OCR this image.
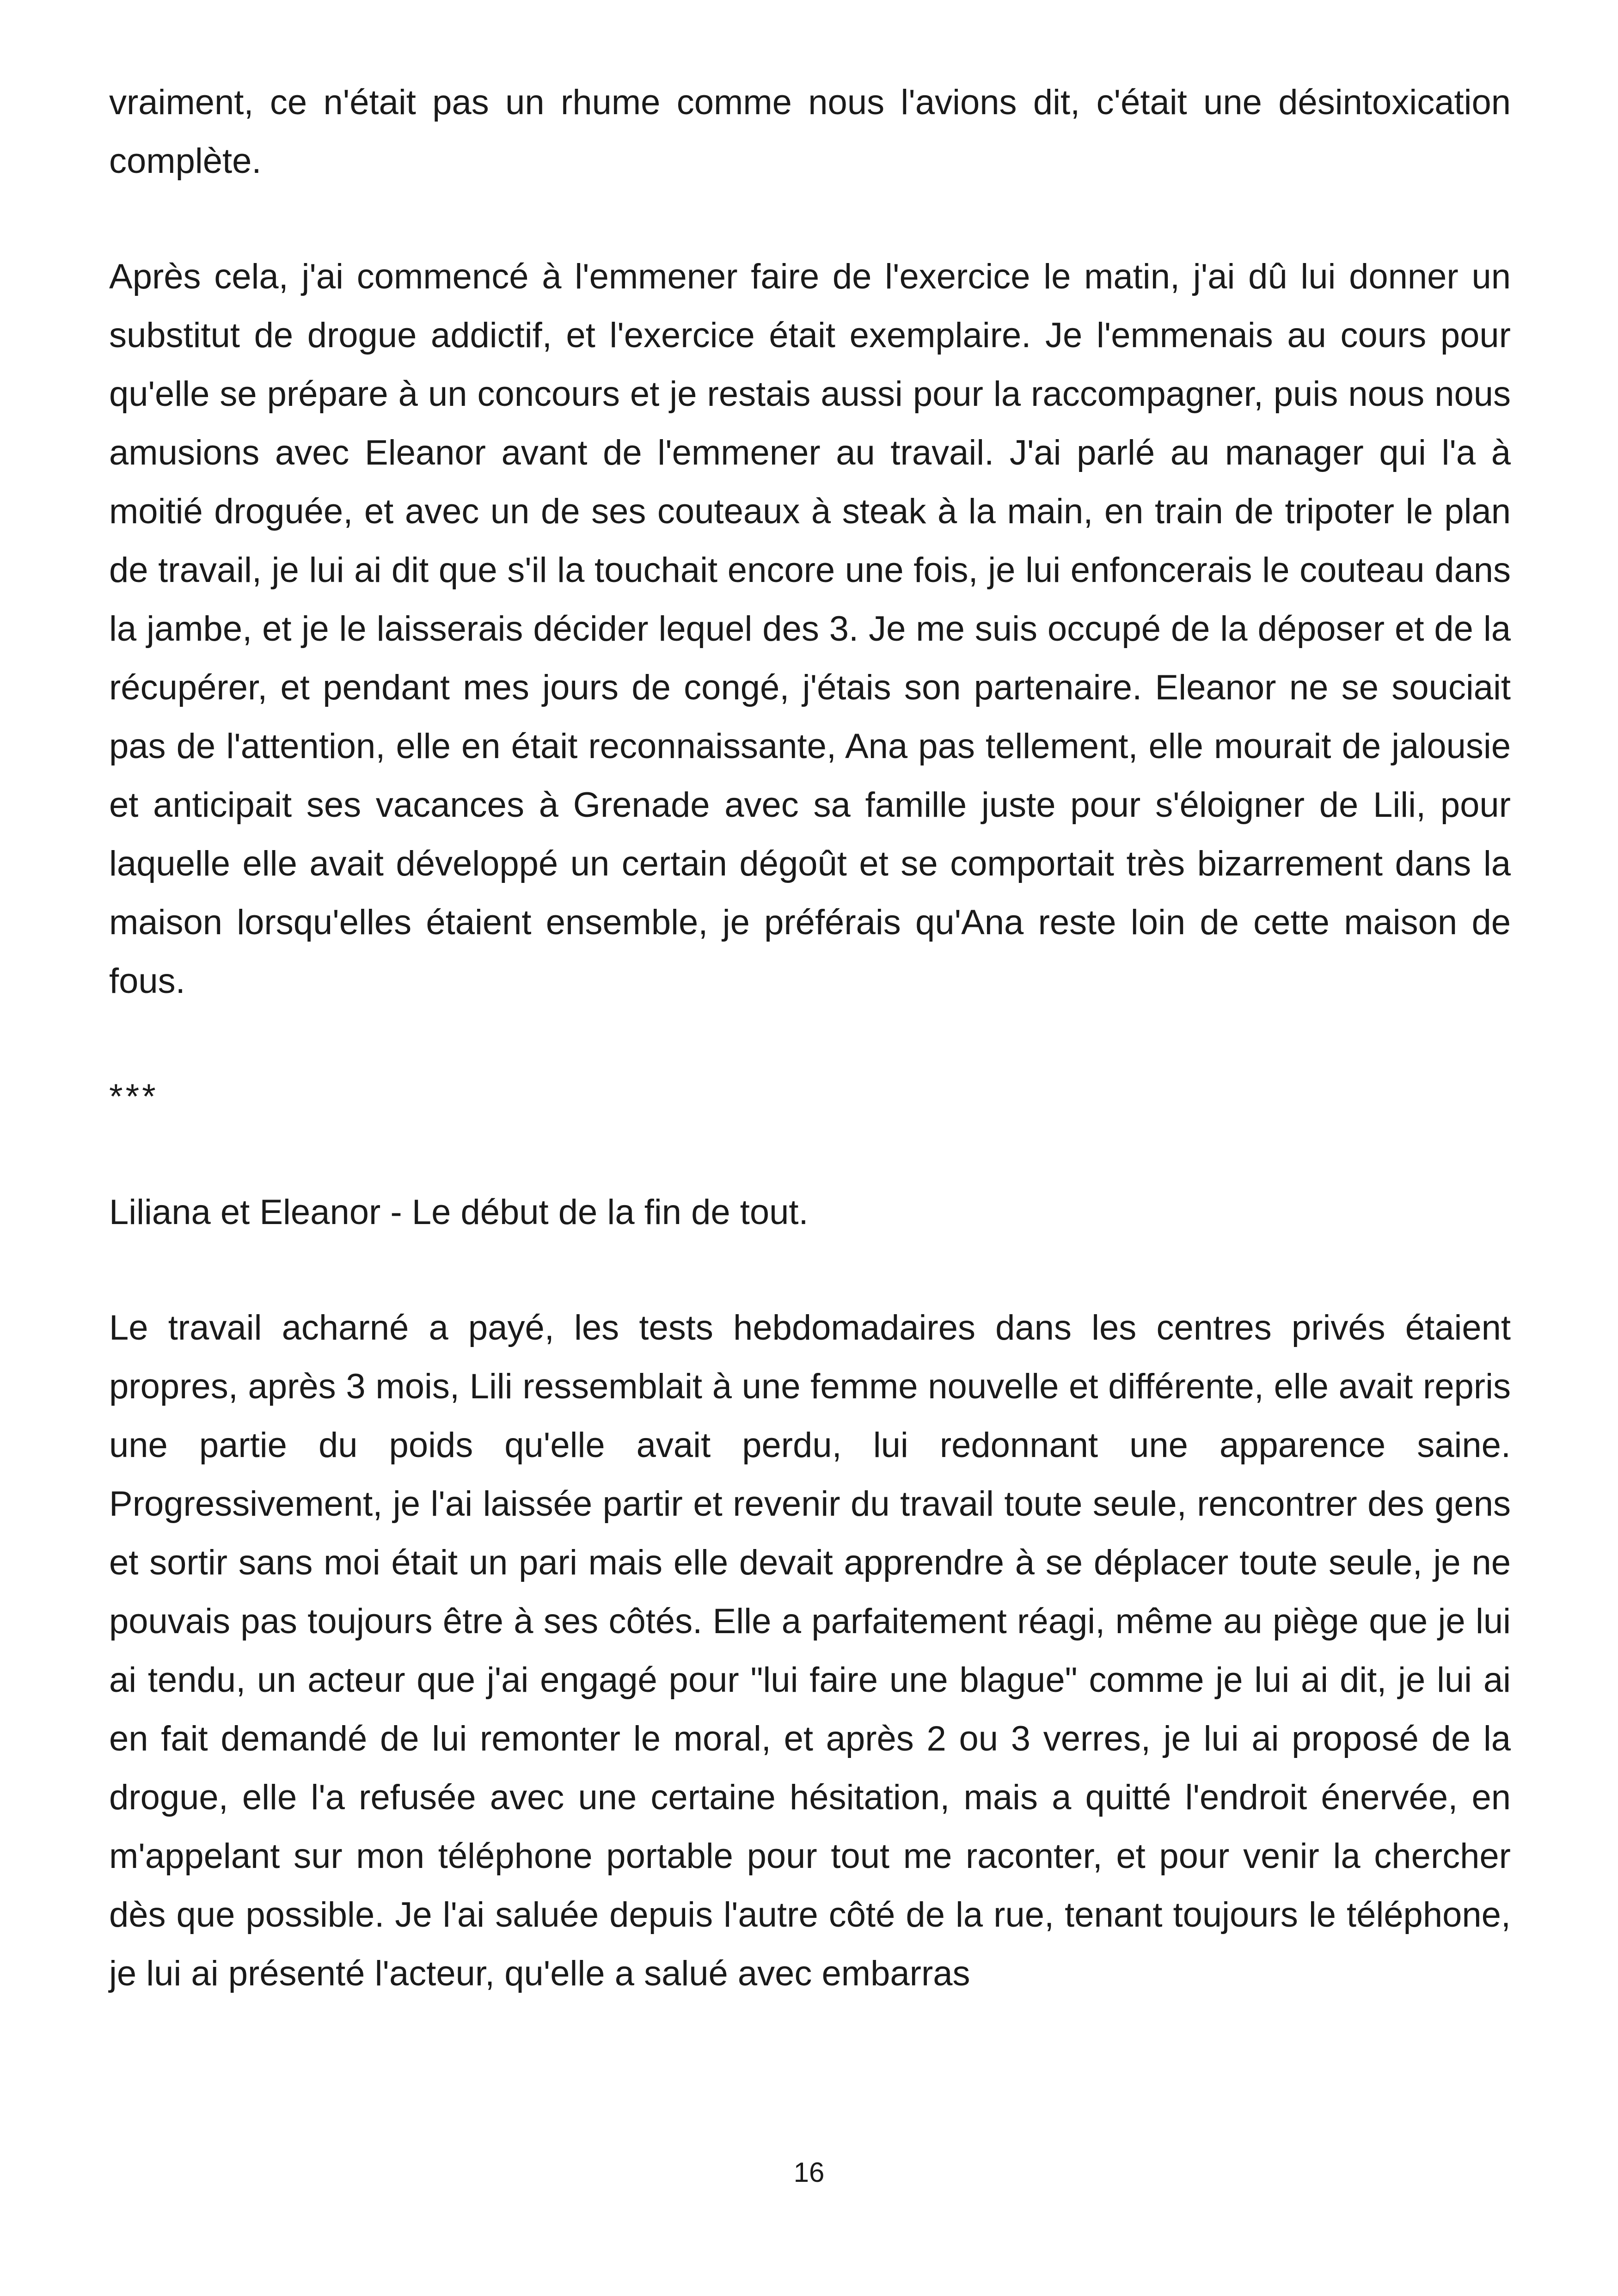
vraiment, ce n'était pas un rhume comme nous l'avions dit, c'était une désintoxication complète.

Après cela, j'ai commencé à l'emmener faire de l'exercice le matin, j'ai dû lui donner un substitut de drogue addictif, et l'exercice était exemplaire. Je l'emmenais au cours pour qu'elle se prépare à un concours et je restais aussi pour la raccompagner, puis nous nous amusions avec Eleanor avant de l'emmener au travail. J'ai parlé au manager qui l'a à moitié droguée, et avec un de ses couteaux à steak à la main, en train de tripoter le plan de travail, je lui ai dit que s'il la touchait encore une fois, je lui enfoncerais le couteau dans la jambe, et je le laisserais décider lequel des 3. Je me suis occupé de la déposer et de la récupérer, et pendant mes jours de congé, j'étais son partenaire. Eleanor ne se souciait pas de l'attention, elle en était reconnaissante, Ana pas tellement, elle mourait de jalousie et anticipait ses vacances à Grenade avec sa famille juste pour s'éloigner de Lili, pour laquelle elle avait développé un certain dégoût et se comportait très bizarrement dans la maison lorsqu'elles étaient ensemble, je préférais qu'Ana reste loin de cette maison de fous.

***

Liliana et Eleanor - Le début de la fin de tout.

Le travail acharné a payé, les tests hebdomadaires dans les centres privés étaient propres, après 3 mois, Lili ressemblait à une femme nouvelle et différente, elle avait repris une partie du poids qu'elle avait perdu, lui redonnant une apparence saine. Progressivement, je l'ai laissée partir et revenir du travail toute seule, rencontrer des gens et sortir sans moi était un pari mais elle devait apprendre à se déplacer toute seule, je ne pouvais pas toujours être à ses côtés. Elle a parfaitement réagi, même au piège que je lui ai tendu, un acteur que j'ai engagé pour "lui faire une blague" comme je lui ai dit, je lui ai en fait demandé de lui remonter le moral, et après 2 ou 3 verres, je lui ai proposé de la drogue, elle l'a refusée avec une certaine hésitation, mais a quitté l'endroit énervée, en m'appelant sur mon téléphone portable pour tout me raconter, et pour venir la chercher dès que possible. Je l'ai saluée depuis l'autre côté de la rue, tenant toujours le téléphone, je lui ai présenté l'acteur, qu'elle a salué avec embarras

16
